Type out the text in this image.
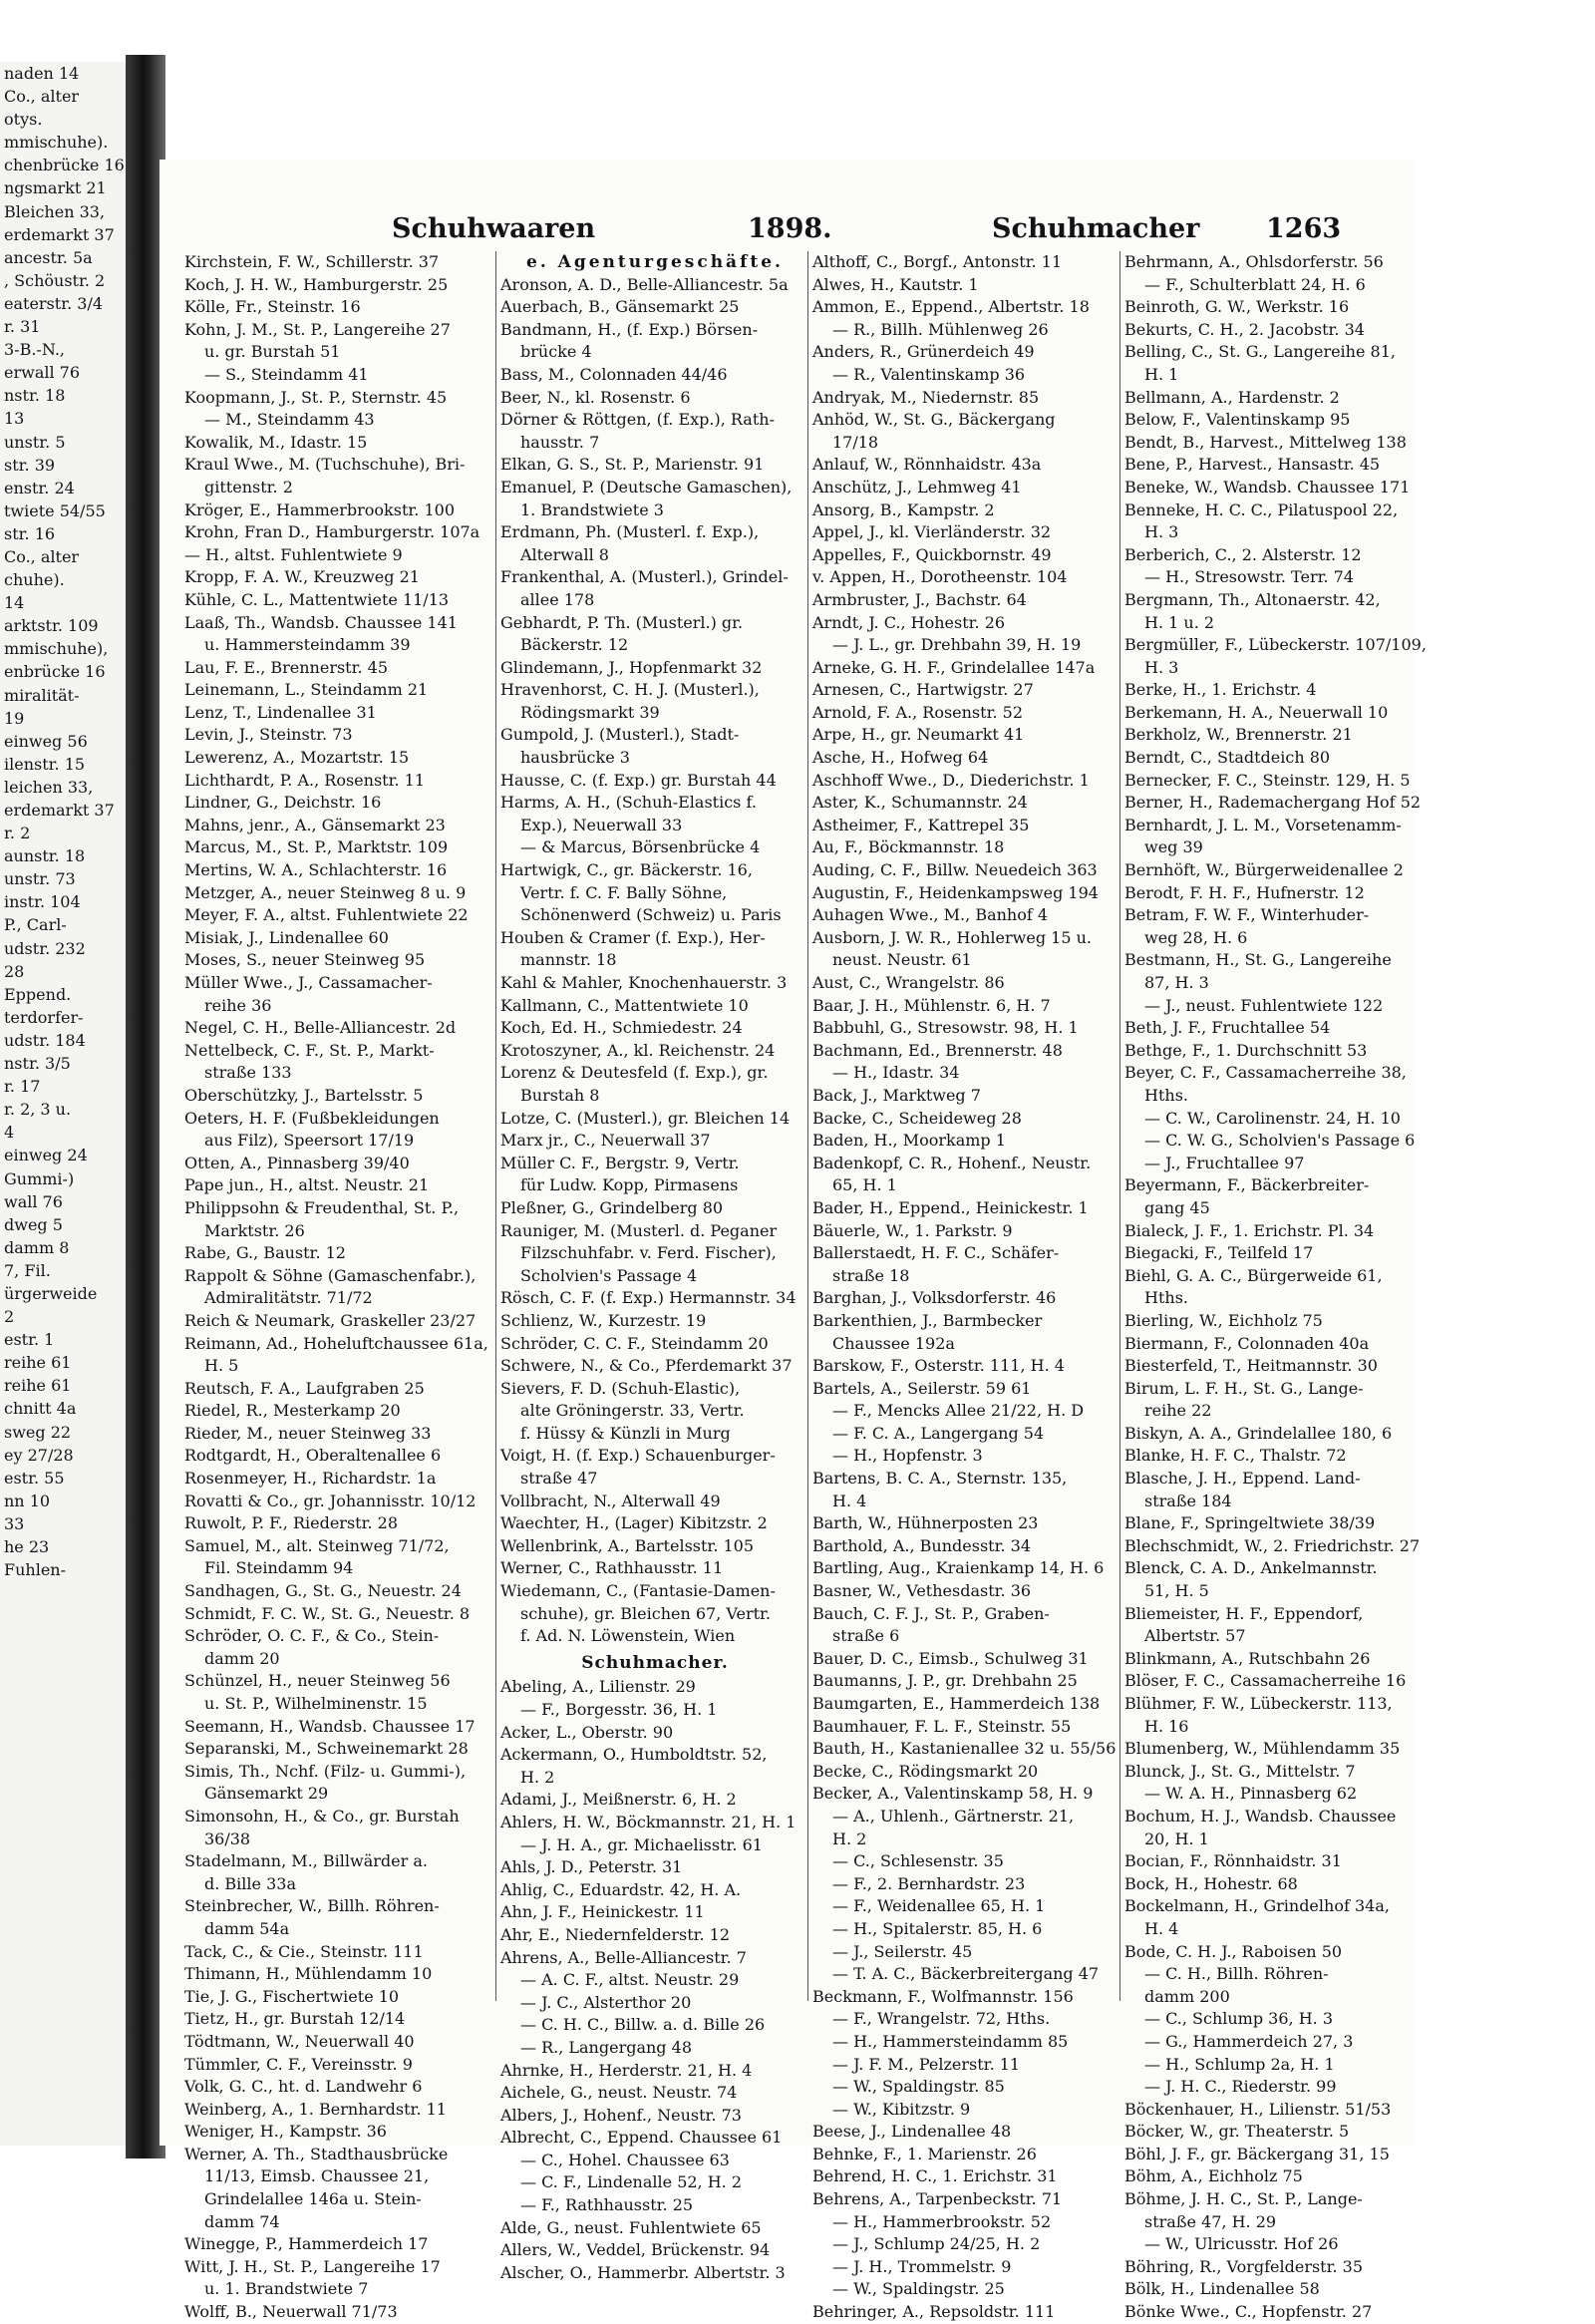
naden 14
Co., alter
otys.
mmischuhe).
chenbrücke 16
ngsmarkt 21
Bleichen 33,
erdemarkt 37
ancestr. 5a
, Schöustr. 2
eaterstr. 3/4
r. 31
3-B.-N.,
erwall 76
nstr. 18
13
unstr. 5
str. 39
enstr. 24
twiete 54/55
str. 16
Co., alter
chuhe).
14
arktstr. 109
mmischuhe),
enbrücke 16
miralität-
19
einweg 56
ilenstr. 15
leichen 33,
erdemarkt 37
r. 2
aunstr. 18
unstr. 73
instr. 104
P., Carl-
udstr. 232
28
Eppend.
terdorfer-
udstr. 184
nstr. 3/5
r. 17
r. 2, 3 u.
4
einweg 24
Gummi-)
wall 76
dweg 5
damm 8
7, Fil.
ürgerweide
2
estr. 1
reihe 61
reihe 61
chnitt 4a
sweg 22
ey 27/28
estr. 55
nn 10
33
he 23
Fuhlen-
Schuhwaaren	1898.	Schuhmacher 1263
Kirchstein, F. W., Schillerstr. 37
Koch, J. H. W., Hamburgerstr. 25
Kölle, Fr., Steinstr. 16
Kohn, J. M., St. P., Langereihe 27
u. gr. Burstah 51
— S., Steindamm 41
Koopmann, J., St. P., Sternstr. 45
— M., Steindamm 43
Kowalik, M., Idastr. 15
Kraul Wwe., M. (Tuchschuhe), Bri-
gittenstr. 2
Kröger, E., Hammerbrookstr. 100
Krohn, Fran D., Hamburgerstr. 107a
— H., altst. Fuhlentwiete 9
Kropp, F. A. W., Kreuzweg 21
Kühle, C. L., Mattentwiete 11/13
Laaß, Th., Wandsb. Chaussee 141
u. Hammersteindamm 39
Lau, F. E., Brennerstr. 45
Leinemann, L., Steindamm 21
Lenz, T., Lindenallee 31
Levin, J., Steinstr. 73
Lewerenz, A., Mozartstr. 15
Lichthardt, P. A., Rosenstr. 11
Lindner, G., Deichstr. 16
Mahns, jenr., A., Gänsemarkt 23
Marcus, M., St. P., Marktstr. 109
Mertins, W. A., Schlachterstr. 16
Metzger, A., neuer Steinweg 8 u. 9
Meyer, F. A., altst. Fuhlentwiete 22
Misiak, J., Lindenallee 60
Moses, S., neuer Steinweg 95
Müller Wwe., J., Cassamacher-
reihe 36
Negel, C. H., Belle-Alliancestr. 2d
Nettelbeck, C. F., St. P., Markt-
straße 133
Oberschützky, J., Bartelsstr. 5
Oeters, H. F. (Fußbekleidungen
aus Filz), Speersort 17/19
Otten, A., Pinnasberg 39/40
Pape jun., H., altst. Neustr. 21
Philippsohn & Freudenthal, St. P.,
Marktstr. 26
Rabe, G., Baustr. 12
Rappolt & Söhne (Gamaschenfabr.),
Admiralitätstr. 71/72
Reich & Neumark, Graskeller 23/27
Reimann, Ad., Hoheluftchaussee 61a,
H. 5
Reutsch, F. A., Laufgraben 25
Riedel, R., Mesterkamp 20
Rieder, M., neuer Steinweg 33
Rodtgardt, H., Oberaltenallee 6
Rosenmeyer, H., Richardstr. 1a
Rovatti & Co., gr. Johannisstr. 10/12
Ruwolt, P. F., Riederstr. 28
Samuel, M., alt. Steinweg 71/72,
Fil. Steindamm 94
Sandhagen, G., St. G., Neuestr. 24
Schmidt, F. C. W., St. G., Neuestr. 8
Schröder, O. C. F., & Co., Stein-
damm 20
Schünzel, H., neuer Steinweg 56
u. St. P., Wilhelminenstr. 15
Seemann, H., Wandsb. Chaussee 17
Separanski, M., Schweinemarkt 28
Simis, Th., Nchf. (Filz- u. Gummi-),
Gänsemarkt 29
Simonsohn, H., & Co., gr. Burstah
36/38
Stadelmann, M., Billwärder a.
d. Bille 33a
Steinbrecher, W., Billh. Röhren-
damm 54a
Tack, C., & Cie., Steinstr. 111
Thimann, H., Mühlendamm 10
Tie, J. G., Fischertwiete 10
Tietz, H., gr. Burstah 12/14
Tödtmann, W., Neuerwall 40
Tümmler, C. F., Vereinsstr. 9
Volk, G. C., ht. d. Landwehr 6
Weinberg, A., 1. Bernhardstr. 11
Weniger, H., Kampstr. 36
Werner, A. Th., Stadthausbrücke
11/13, Eimsb. Chaussee 21,
Grindelallee 146a u. Stein-
damm 74
Winegge, P., Hammerdeich 17
Witt, J. H., St. P., Langereihe 17
u. 1. Brandstwiete 7
Wolff, B., Neuerwall 71/73
e. Agenturgeschäfte.
Aronson, A. D., Belle-Alliancestr. 5a
Auerbach, B., Gänsemarkt 25
Bandmann, H., (f. Exp.) Börsen-
brücke 4
Bass, M., Colonnaden 44/46
Beer, N., kl. Rosenstr. 6
Dörner & Röttgen, (f. Exp.), Rath-
hausstr. 7
Elkan, G. S., St. P., Marienstr. 91
Emanuel, P. (Deutsche Gamaschen),
1. Brandstwiete 3
Erdmann, Ph. (Musterl. f. Exp.),
Alterwall 8
Frankenthal, A. (Musterl.), Grindel-
allee 178
Gebhardt, P. Th. (Musterl.) gr.
Bäckerstr. 12
Glindemann, J., Hopfenmarkt 32
Hravenhorst, C. H. J. (Musterl.),
Rödingsmarkt 39
Gumpold, J. (Musterl.), Stadt-
hausbrücke 3
Hausse, C. (f. Exp.) gr. Burstah 44
Harms, A. H., (Schuh-Elastics f.
Exp.), Neuerwall 33
— & Marcus, Börsenbrücke 4
Hartwigk, C., gr. Bäckerstr. 16,
Vertr. f. C. F. Bally Söhne,
Schönenwerd (Schweiz) u. Paris
Houben & Cramer (f. Exp.), Her-
mannstr. 18
Kahl & Mahler, Knochenhauerstr. 3
Kallmann, C., Mattentwiete 10
Koch, Ed. H., Schmiedestr. 24
Krotoszyner, A., kl. Reichenstr. 24
Lorenz & Deutesfeld (f. Exp.), gr.
Burstah 8
Lotze, C. (Musterl.), gr. Bleichen 14
Marx jr., C., Neuerwall 37
Müller C. F., Bergstr. 9, Vertr.
für Ludw. Kopp, Pirmasens
Pleßner, G., Grindelberg 80
Rauniger, M. (Musterl. d. Peganer
Filzschuhfabr. v. Ferd. Fischer),
Scholvien's Passage 4
Rösch, C. F. (f. Exp.) Hermannstr. 34
Schlienz, W., Kurzestr. 19
Schröder, C. C. F., Steindamm 20
Schwere, N., & Co., Pferdemarkt 37
Sievers, F. D. (Schuh-Elastic),
alte Gröningerstr. 33, Vertr.
f. Hüssy & Künzli in Murg
Voigt, H. (f. Exp.) Schauenburger-
straße 47
Vollbracht, N., Alterwall 49
Waechter, H., (Lager) Kibitzstr. 2
Wellenbrink, A., Bartelsstr. 105
Werner, C., Rathhausstr. 11
Wiedemann, C., (Fantasie-Damen-
schuhe), gr. Bleichen 67, Vertr.
f. Ad. N. Löwenstein, Wien
Schuhmacher.
Abeling, A., Lilienstr. 29
— F., Borgesstr. 36, H. 1
Acker, L., Oberstr. 90
Ackermann, O., Humboldtstr. 52,
H. 2
Adami, J., Meißnerstr. 6, H. 2
Ahlers, H. W., Böckmannstr. 21, H. 1
— J. H. A., gr. Michaelisstr. 61
Ahls, J. D., Peterstr. 31
Ahlig, C., Eduardstr. 42, H. A.
Ahn, J. F., Heinickestr. 11
Ahr, E., Niedernfelderstr. 12
Ahrens, A., Belle-Alliancestr. 7
— A. C. F., altst. Neustr. 29
— J. C., Alsterthor 20
— C. H. C., Billw. a. d. Bille 26
— R., Langergang 48
Ahrnke, H., Herderstr. 21, H. 4
Aichele, G., neust. Neustr. 74
Albers, J., Hohenf., Neustr. 73
Albrecht, C., Eppend. Chaussee 61
— C., Hohel. Chaussee 63
— C. F., Lindenalle 52, H. 2
— F., Rathhausstr. 25
Alde, G., neust. Fuhlentwiete 65
Allers, W., Veddel, Brückenstr. 94
Alscher, O., Hammerbr. Albertstr. 3
Althoff, C., Borgf., Antonstr. 11
Alwes, H., Kautstr. 1
Ammon, E., Eppend., Albertstr. 18
— R., Billh. Mühlenweg 26
Anders, R., Grünerdeich 49
— R., Valentinskamp 36
Andryak, M., Niedernstr. 85
Anhöd, W., St. G., Bäckergang
17/18
Anlauf, W., Rönnhaidstr. 43a
Anschütz, J., Lehmweg 41
Ansorg, B., Kampstr. 2
Appel, J., kl. Vierländerstr. 32
Appelles, F., Quickbornstr. 49
v. Appen, H., Dorotheenstr. 104
Armbruster, J., Bachstr. 64
Arndt, J. C., Hohestr. 26
— J. L., gr. Drehbahn 39, H. 19
Arneke, G. H. F., Grindelallee 147a
Arnesen, C., Hartwigstr. 27
Arnold, F. A., Rosenstr. 52
Arpe, H., gr. Neumarkt 41
Asche, H., Hofweg 64
Aschhoff Wwe., D., Diederichstr. 1
Aster, K., Schumannstr. 24
Astheimer, F., Kattrepel 35
Au, F., Böckmannstr. 18
Auding, C. F., Billw. Neuedeich 363
Augustin, F., Heidenkampsweg 194
Auhagen Wwe., M., Banhof 4
Ausborn, J. W. R., Hohlerweg 15 u.
neust. Neustr. 61
Aust, C., Wrangelstr. 86
Baar, J. H., Mühlenstr. 6, H. 7
Babbuhl, G., Stresowstr. 98, H. 1
Bachmann, Ed., Brennerstr. 48
— H., Idastr. 34
Back, J., Marktweg 7
Backe, C., Scheideweg 28
Baden, H., Moorkamp 1
Badenkopf, C. R., Hohenf., Neustr.
65, H. 1
Bader, H., Eppend., Heinickestr. 1
Bäuerle, W., 1. Parkstr. 9
Ballerstaedt, H. F. C., Schäfer-
straße 18
Barghan, J., Volksdorferstr. 46
Barkenthien, J., Barmbecker
Chaussee 192a
Barskow, F., Osterstr. 111, H. 4
Bartels, A., Seilerstr. 59 61
— F., Mencks Allee 21/22, H. D
— F. C. A., Langergang 54
— H., Hopfenstr. 3
Bartens, B. C. A., Sternstr. 135,
H. 4
Barth, W., Hühnerposten 23
Barthold, A., Bundesstr. 34
Bartling, Aug., Kraienkamp 14, H. 6
Basner, W., Vethesdastr. 36
Bauch, C. F. J., St. P., Graben-
straße 6
Bauer, D. C., Eimsb., Schulweg 31
Baumanns, J. P., gr. Drehbahn 25
Baumgarten, E., Hammerdeich 138
Baumhauer, F. L. F., Steinstr. 55
Bauth, H., Kastanienallee 32 u. 55/56
Becke, C., Rödingsmarkt 20
Becker, A., Valentinskamp 58, H. 9
— A., Uhlenh., Gärtnerstr. 21,
H. 2
— C., Schlesenstr. 35
— F., 2. Bernhardstr. 23
— F., Weidenallee 65, H. 1
— H., Spitalerstr. 85, H. 6
— J., Seilerstr. 45
— T. A. C., Bäckerbreitergang 47
Beckmann, F., Wolfmannstr. 156
— F., Wrangelstr. 72, Hths.
— H., Hammersteindamm 85
— J. F. M., Pelzerstr. 11
— W., Spaldingstr. 85
— W., Kibitzstr. 9
Beese, J., Lindenallee 48
Behnke, F., 1. Marienstr. 26
Behrend, H. C., 1. Erichstr. 31
Behrens, A., Tarpenbeckstr. 71
— H., Hammerbrookstr. 52
— J., Schlump 24/25, H. 2
— J. H., Trommelstr. 9
— W., Spaldingstr. 25
Behringer, A., Repsoldstr. 111
Behrmann, A., Ohlsdorferstr. 56
— F., Schulterblatt 24, H. 6
Beinroth, G. W., Werkstr. 16
Bekurts, C. H., 2. Jacobstr. 34
Belling, C., St. G., Langereihe 81,
H. 1
Bellmann, A., Hardenstr. 2
Below, F., Valentinskamp 95
Bendt, B., Harvest., Mittelweg 138
Bene, P., Harvest., Hansastr. 45
Beneke, W., Wandsb. Chaussee 171
Benneke, H. C. C., Pilatuspool 22,
H. 3
Berberich, C., 2. Alsterstr. 12
— H., Stresowstr. Terr. 74
Bergmann, Th., Altonaerstr. 42,
H. 1 u. 2
Bergmüller, F., Lübeckerstr. 107/109,
H. 3
Berke, H., 1. Erichstr. 4
Berkemann, H. A., Neuerwall 10
Berkholz, W., Brennerstr. 21
Berndt, C., Stadtdeich 80
Bernecker, F. C., Steinstr. 129, H. 5
Berner, H., Rademachergang Hof 52
Bernhardt, J. L. M., Vorsetenamm-
weg 39
Bernhöft, W., Bürgerweidenallee 2
Berodt, F. H. F., Hufnerstr. 12
Betram, F. W. F., Winterhuder-
weg 28, H. 6
Bestmann, H., St. G., Langereihe
87, H. 3
— J., neust. Fuhlentwiete 122
Beth, J. F., Fruchtallee 54
Bethge, F., 1. Durchschnitt 53
Beyer, C. F., Cassamacherreihe 38,
Hths.
— C. W., Carolinenstr. 24, H. 10
— C. W. G., Scholvien's Passage 6
— J., Fruchtallee 97
Beyermann, F., Bäckerbreiter-
gang 45
Bialeck, J. F., 1. Erichstr. Pl. 34
Biegacki, F., Teilfeld 17
Biehl, G. A. C., Bürgerweide 61,
Hths.
Bierling, W., Eichholz 75
Biermann, F., Colonnaden 40a
Biesterfeld, T., Heitmannstr. 30
Birum, L. F. H., St. G., Lange-
reihe 22
Biskyn, A. A., Grindelallee 180, 6
Blanke, H. F. C., Thalstr. 72
Blasche, J. H., Eppend. Land-
straße 184
Blane, F., Springeltwiete 38/39
Blechschmidt, W., 2. Friedrichstr. 27
Blenck, C. A. D., Ankelmannstr.
51, H. 5
Bliemeister, H. F., Eppendorf,
Albertstr. 57
Blinkmann, A., Rutschbahn 26
Blöser, F. C., Cassamacherreihe 16
Blühmer, F. W., Lübeckerstr. 113,
H. 16
Blumenberg, W., Mühlendamm 35
Blunck, J., St. G., Mittelstr. 7
— W. A. H., Pinnasberg 62
Bochum, H. J., Wandsb. Chaussee
20, H. 1
Bocian, F., Rönnhaidstr. 31
Bock, H., Hohestr. 68
Bockelmann, H., Grindelhof 34a,
H. 4
Bode, C. H. J., Raboisen 50
— C. H., Billh. Röhren-
damm 200
— C., Schlump 36, H. 3
— G., Hammerdeich 27, 3
— H., Schlump 2a, H. 1
— J. H. C., Riederstr. 99
Böckenhauer, H., Lilienstr. 51/53
Böcker, W., gr. Theaterstr. 5
Böhl, J. F., gr. Bäckergang 31, 15
Böhm, A., Eichholz 75
Böhme, J. H. C., St. P., Lange-
straße 47, H. 29
— W., Ulricusstr. Hof 26
Böhring, R., Vorgfelderstr. 35
Bölk, H., Lindenallee 58
Bönke Wwe., C., Hopfenstr. 27
